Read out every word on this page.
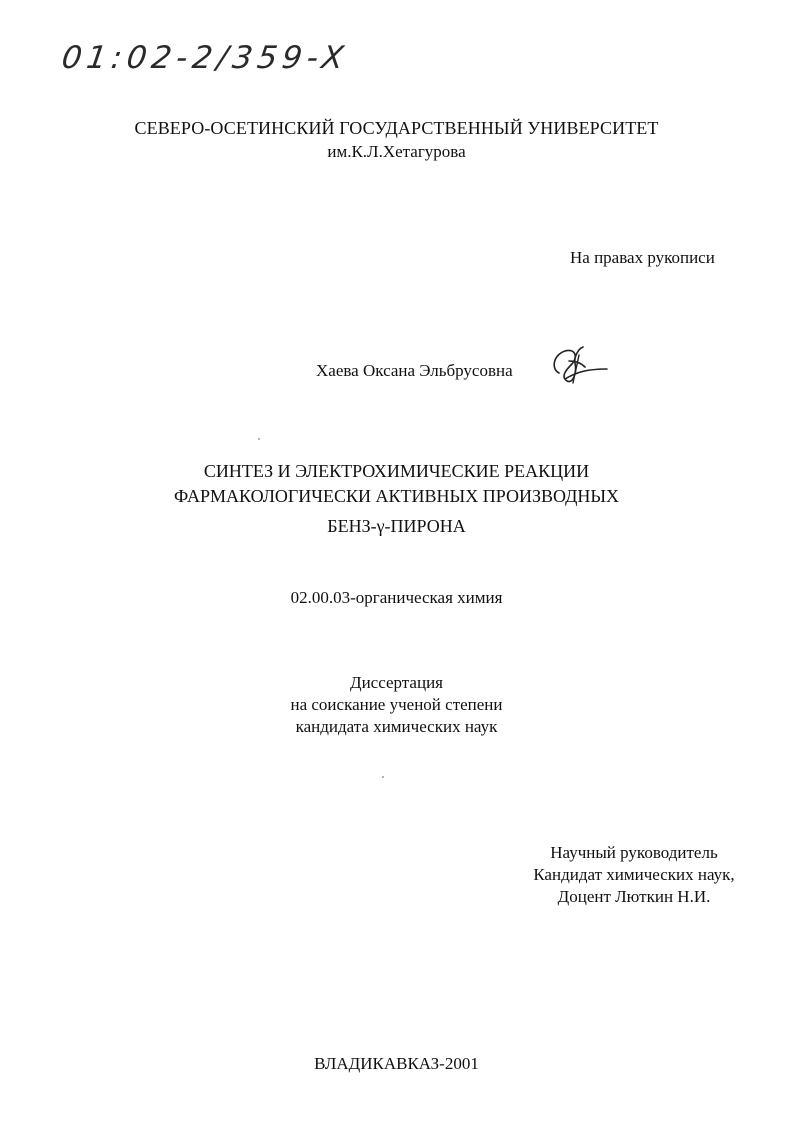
01:02-2/359-X
СЕВЕРО-ОСЕТИНСКИЙ ГОСУДАРСТВЕННЫЙ УНИВЕРСИТЕТ
им.К.Л.Хетагурова
На правах рукописи
Хаева Оксана Эльбрусовна
СИНТЕЗ И ЭЛЕКТРОХИМИЧЕСКИЕ РЕАКЦИИ
ФАРМАКОЛОГИЧЕСКИ АКТИВНЫХ ПРОИЗВОДНЫХ
БЕНЗ-γ-ПИРОНА
02.00.03-органическая химия
Диссертация
на соискание ученой степени
кандидата химических наук
Научный руководитель
Кандидат химических наук,
Доцент Люткин Н.И.
ВЛАДИКАВКАЗ-2001
